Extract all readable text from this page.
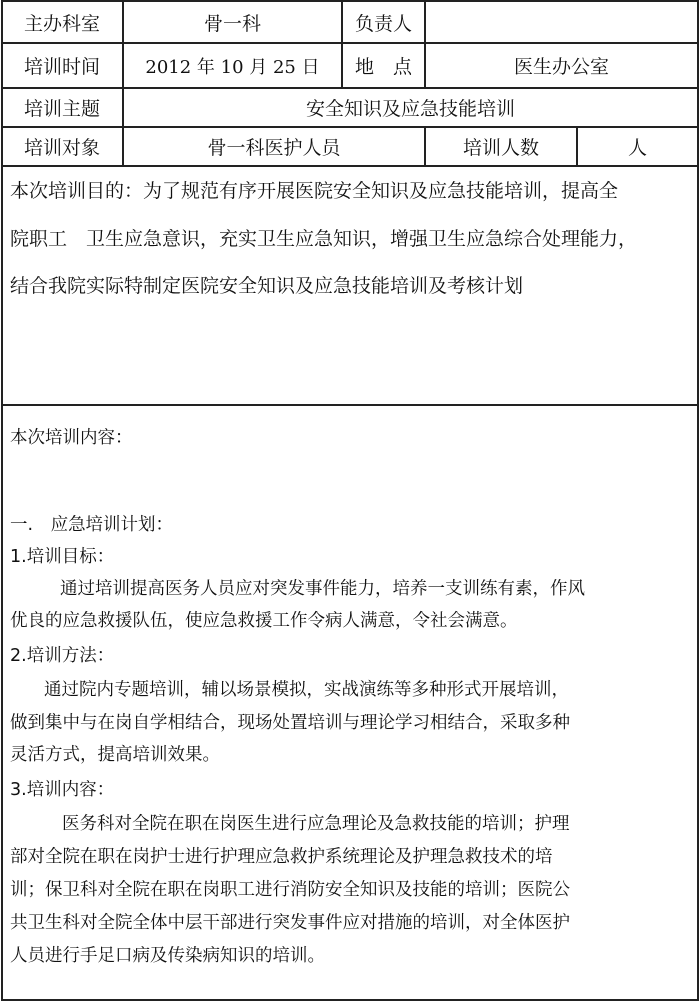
主办科室	骨一科	负责人
培训时间	2012 年 10 月 25 日	地　点	医生办公室
培训主题	安全知识及应急技能培训
培训对象	骨一科医护人员	培训人数	人
本次培训目的：为了规范有序开展医院安全知识及应急技能培训，提高全
院职工　卫生应急意识，充实卫生应急知识，增强卫生应急综合处理能力，
结合我院实际特制定医院安全知识及应急技能培训及考核计划
本次培训内容：
一.　应急培训计划：
1.培训目标：
通过培训提高医务人员应对突发事件能力，培养一支训练有素，作风
优良的应急救援队伍，使应急救援工作令病人满意，令社会满意。
2.培训方法：
通过院内专题培训，辅以场景模拟，实战演练等多种形式开展培训，
做到集中与在岗自学相结合，现场处置培训与理论学习相结合，采取多种
灵活方式，提高培训效果。
3.培训内容：
医务科对全院在职在岗医生进行应急理论及急救技能的培训；护理
部对全院在职在岗护士进行护理应急救护系统理论及护理急救技术的培
训；保卫科对全院在职在岗职工进行消防安全知识及技能的培训；医院公
共卫生科对全院全体中层干部进行突发事件应对措施的培训，对全体医护
人员进行手足口病及传染病知识的培训。
